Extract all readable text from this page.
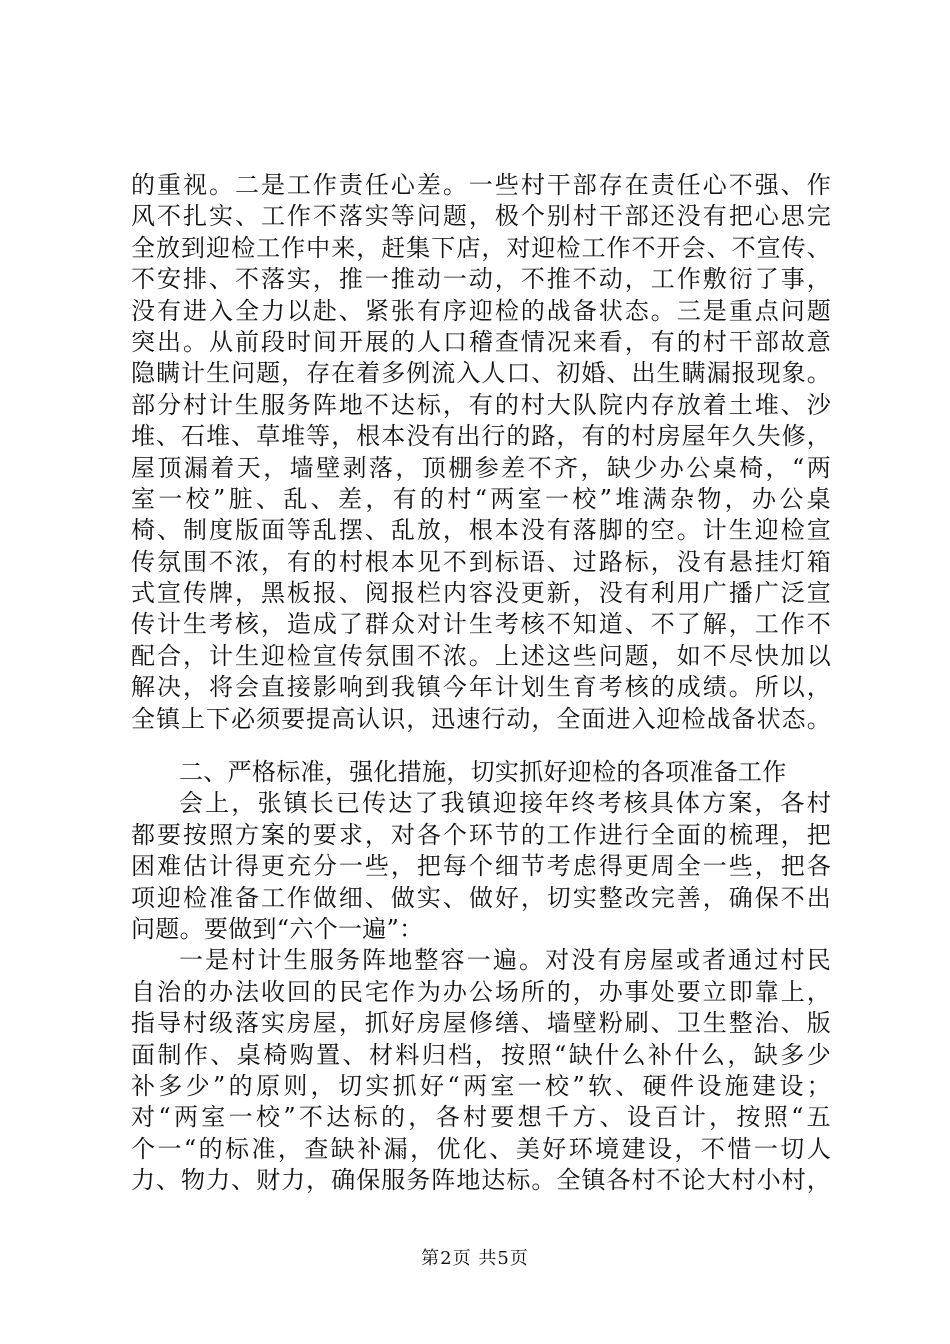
的重视。二是工作责任心差。一些村干部存在责任心不强、作
风不扎实、工作不落实等问题，极个别村干部还没有把心思完
全放到迎检工作中来，赶集下店，对迎检工作不开会、不宣传、
不安排、不落实，推一推动一动，不推不动，工作敷衍了事，
没有进入全力以赴、紧张有序迎检的战备状态。三是重点问题
突出。从前段时间开展的人口稽查情况来看，有的村干部故意
隐瞒计生问题，存在着多例流入人口、初婚、出生瞒漏报现象。
部分村计生服务阵地不达标，有的村大队院内存放着土堆、沙
堆、石堆、草堆等，根本没有出行的路，有的村房屋年久失修，
屋顶漏着天，墙壁剥落，顶棚参差不齐，缺少办公桌椅，“两
室一校”脏、乱、差，有的村“两室一校”堆满杂物，办公桌
椅、制度版面等乱摆、乱放，根本没有落脚的空。计生迎检宣
传氛围不浓，有的村根本见不到标语、过路标，没有悬挂灯箱
式宣传牌，黑板报、阅报栏内容没更新，没有利用广播广泛宣
传计生考核，造成了群众对计生考核不知道、不了解，工作不
配合，计生迎检宣传氛围不浓。上述这些问题，如不尽快加以
解决，将会直接影响到我镇今年计划生育考核的成绩。所以，
全镇上下必须要提高认识，迅速行动，全面进入迎检战备状态。
二、严格标准，强化措施，切实抓好迎检的各项准备工作
会上，张镇长已传达了我镇迎接年终考核具体方案，各村
都要按照方案的要求，对各个环节的工作进行全面的梳理，把
困难估计得更充分一些，把每个细节考虑得更周全一些，把各
项迎检准备工作做细、做实、做好，切实整改完善，确保不出
问题。要做到“六个一遍”：
一是村计生服务阵地整容一遍。对没有房屋或者通过村民
自治的办法收回的民宅作为办公场所的，办事处要立即靠上，
指导村级落实房屋，抓好房屋修缮、墙壁粉刷、卫生整治、版
面制作、桌椅购置、材料归档，按照“缺什么补什么，缺多少
补多少”的原则，切实抓好“两室一校”软、硬件设施建设；
对“两室一校”不达标的，各村要想千方、设百计，按照“五
个一“的标准，查缺补漏，优化、美好环境建设，不惜一切人
力、物力、财力，确保服务阵地达标。全镇各村不论大村小村，
第2页 共5页
